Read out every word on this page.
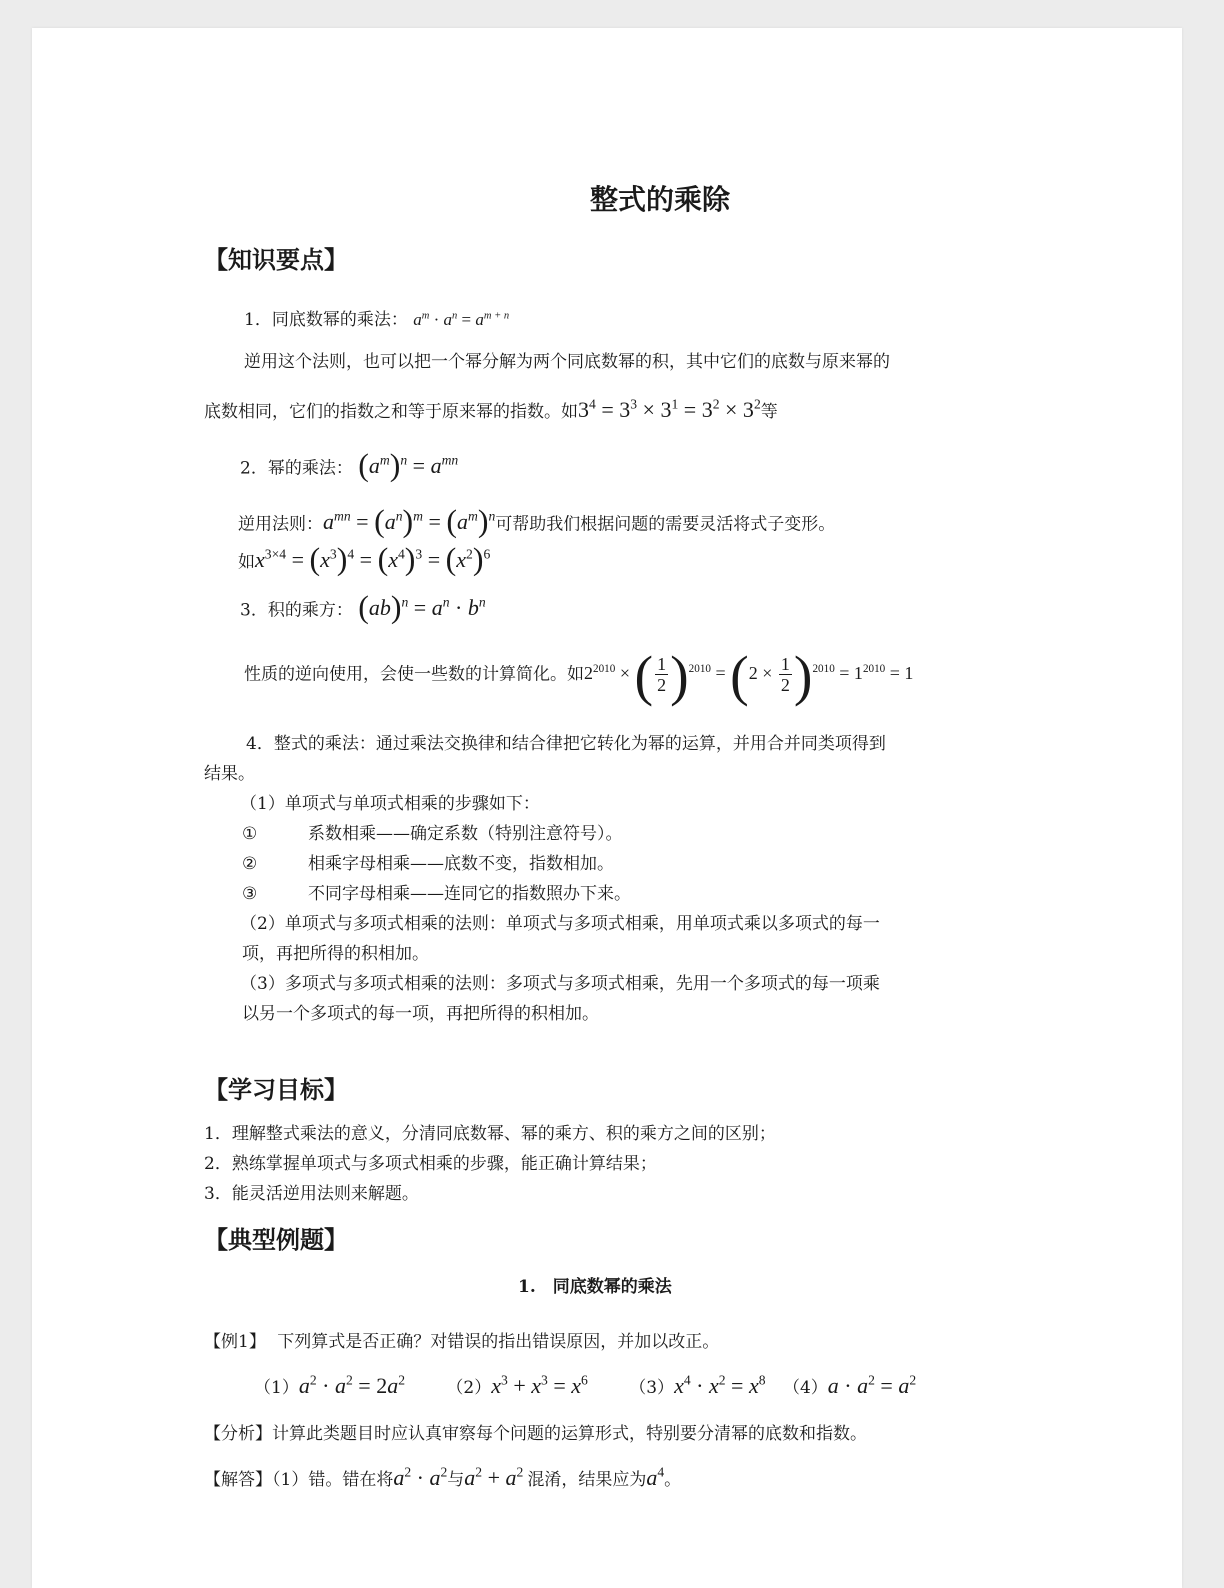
整式的乘除
【知识要点】
1．同底数幂的乘法： $a^m \cdot a^n = a^{m + n}$
逆用这个法则，也可以把一个幂分解为两个同底数幂的积，其中它们的底数与原来幂的
底数相同，它们的指数之和等于原来幂的指数。如$3^4 = 3^3 \times 3^1 = 3^2 \times 3^2$等
2．幂的乘法： $(a^m)^n = a^{mn}$
逆用法则：$a^{mn} = (a^n)^m = (a^m)^n$可帮助我们根据问题的需要灵活将式子变形。
如$x^{3\times 4} = (x^3)^4 = (x^4)^3 = (x^2)^6$
3．积的乘方： $(ab)^n = a^n \cdot b^n$
性质的逆向使用，会使一些数的计算简化。如$2^{2010}$ × ( $\frac{1}{2} )^{2010} = (2 \times \frac{1}{2} )^{2010} = 1^{2010} = 1$
4．整式的乘法：通过乘法交换律和结合律把它转化为幂的运算，并用合并同类项得到
结果。
（1）单项式与单项式相乘的步骤如下：
①	系数相乘——确定系数（特别注意符号）。
②	相乘字母相乘——底数不变，指数相加。
③	不同字母相乘——连同它的指数照办下来。
（2）单项式与多项式相乘的法则：单项式与多项式相乘，用单项式乘以多项式的每一
项，再把所得的积相加。
（3）多项式与多项式相乘的法则：多项式与多项式相乘，先用一个多项式的每一项乘
以另一个多项式的每一项，再把所得的积相加。
【学习目标】
1．理解整式乘法的意义，分清同底数幂、幂的乘方、积的乘方之间的区别；
2．熟练掌握单项式与多项式相乘的步骤，能正确计算结果；
3．能灵活逆用法则来解题。
【典型例题】
1.　同底数幂的乘法
【例1】 下列算式是否正确？对错误的指出错误原因，并加以改正。
$(1)a^2 \cdot a^2 = 2a^2$ $(2)x^3 + x^3 = x^6$ $(3)x^4 \cdot x^2 = x^8$ $(4)a \cdot a^2 = a^2$
【分析】计算此类题目时应认真审察每个问题的运算形式，特别要分清幂的底数和指数。
【解答】（1）错。错在将$a^2 \cdot a^2$与$a^2 + a^2$ 混淆，结果应为$a^4$。
